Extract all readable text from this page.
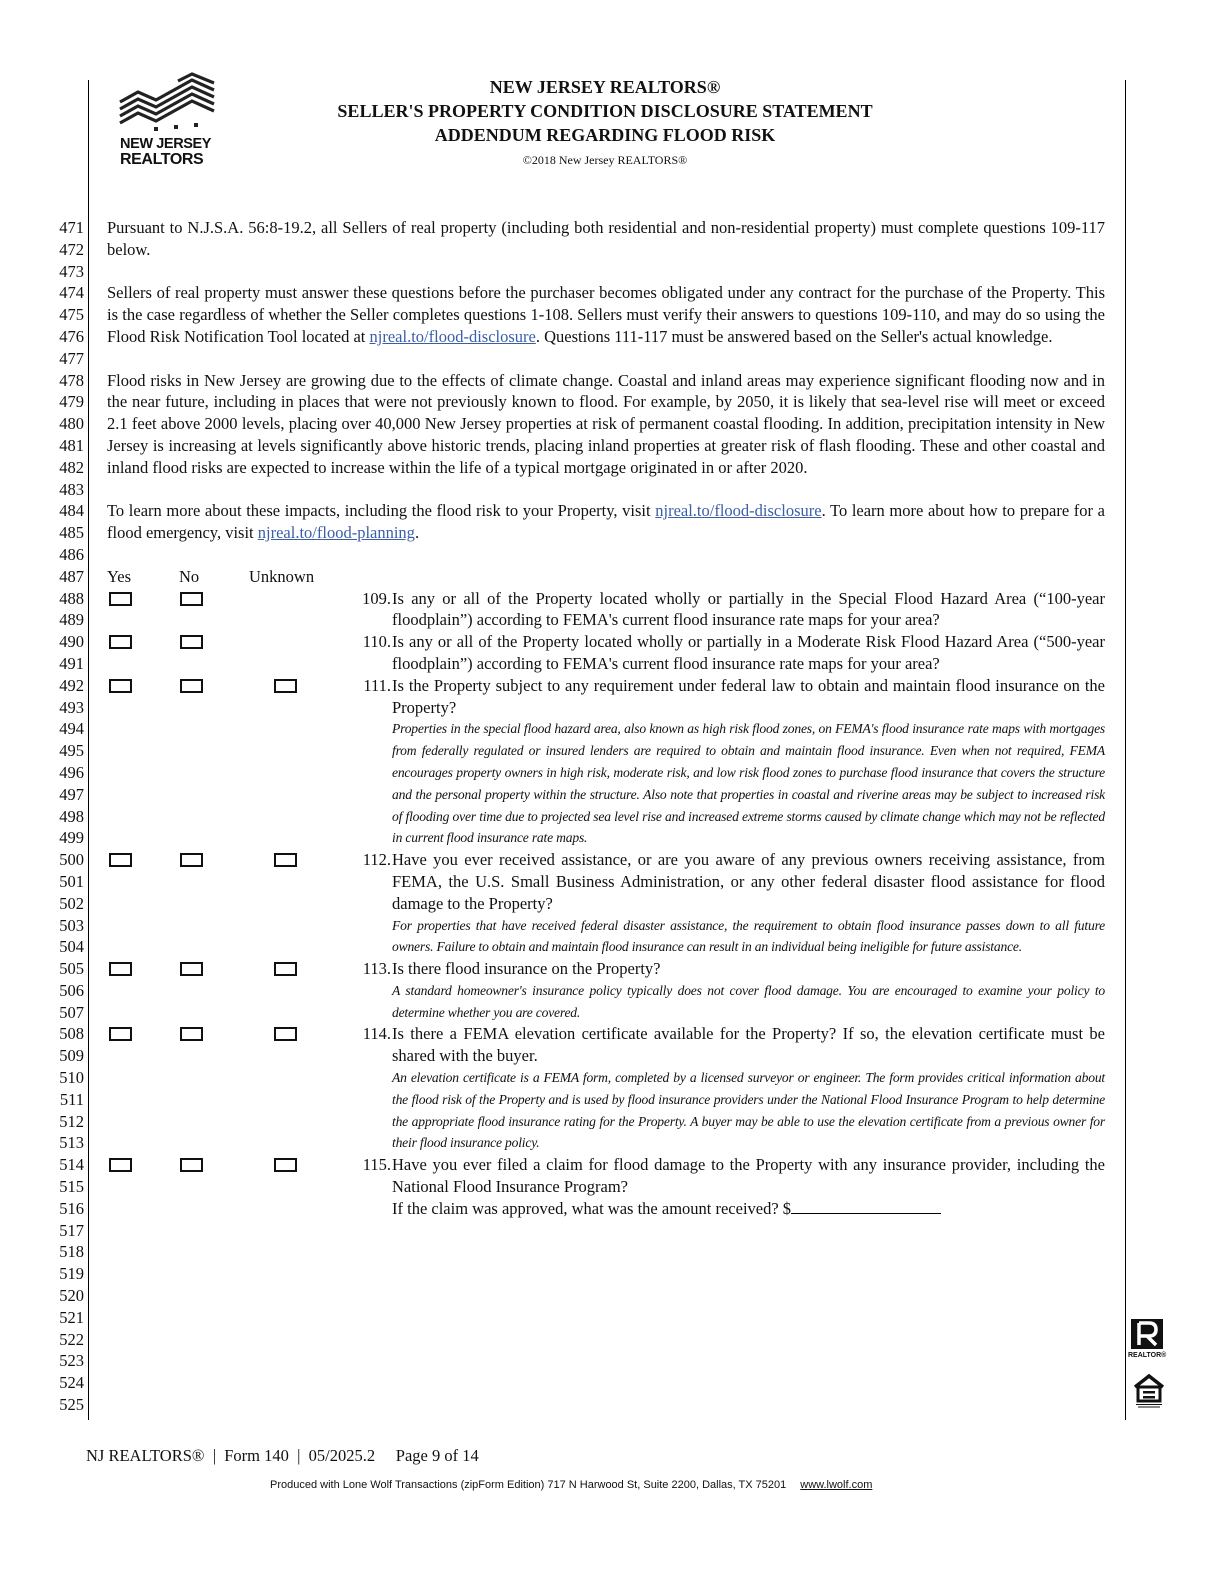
NEW JERSEY
REALTORS
NEW JERSEY REALTORS®
SELLER'S PROPERTY CONDITION DISCLOSURE STATEMENT
ADDENDUM REGARDING FLOOD RISK
©2018 New Jersey REALTORS®
471
472
473
474
475
476
477
478
479
480
481
482
483
484
485
486
487
488
489
490
491
492
493
494
495
496
497
498
499
500
501
502
503
504
505
506
507
508
509
510
511
512
513
514
515
516
517
518
519
520
521
522
523
524
525

Pursuant to N.J.S.A. 56:8-19.2, all Sellers of real property (including both residential and non-residential property) must complete questions 109-117 below.

Sellers of real property must answer these questions before the purchaser becomes obligated under any contract for the purchase of the Property. This is the case regardless of whether the Seller completes questions 1-108. Sellers must verify their answers to questions 109-110, and may do so using the Flood Risk Notification Tool located at njreal.to/flood-disclosure. Questions 111-117 must be answered based on the Seller's actual knowledge.

Flood risks in New Jersey are growing due to the effects of climate change. Coastal and inland areas may experience significant flooding now and in the near future, including in places that were not previously known to flood. For example, by 2050, it is likely that sea-level rise will meet or exceed 2.1 feet above 2000 levels, placing over 40,000 New Jersey properties at risk of permanent coastal flooding. In addition, precipitation intensity in New Jersey is increasing at levels significantly above historic trends, placing inland properties at greater risk of flash flooding. These and other coastal and inland flood risks are expected to increase within the life of a typical mortgage originated in or after 2020.

To learn more about these impacts, including the flood risk to your Property, visit njreal.to/flood-disclosure. To learn more about how to prepare for a flood emergency, visit njreal.to/flood-planning.

Yes	No	Unknown
109. Is any or all of the Property located wholly or partially in the Special Flood Hazard Area (“100-year floodplain”) according to FEMA's current flood insurance rate maps for your area?
110. Is any or all of the Property located wholly or partially in a Moderate Risk Flood Hazard Area (“500-year floodplain”) according to FEMA's current flood insurance rate maps for your area?
111. Is the Property subject to any requirement under federal law to obtain and maintain flood insurance on the Property?
Properties in the special flood hazard area, also known as high risk flood zones, on FEMA's flood insurance rate maps with mortgages from federally regulated or insured lenders are required to obtain and maintain flood insurance. Even when not required, FEMA encourages property owners in high risk, moderate risk, and low risk flood zones to purchase flood insurance that covers the structure and the personal property within the structure. Also note that properties in coastal and riverine areas may be subject to increased risk of flooding over time due to projected sea level rise and increased extreme storms caused by climate change which may not be reflected in current flood insurance rate maps.
112. Have you ever received assistance, or are you aware of any previous owners receiving assistance, from FEMA, the U.S. Small Business Administration, or any other federal disaster flood assistance for flood damage to the Property?
For properties that have received federal disaster assistance, the requirement to obtain flood insurance passes down to all future owners. Failure to obtain and maintain flood insurance can result in an individual being ineligible for future assistance.
113. Is there flood insurance on the Property?
A standard homeowner's insurance policy typically does not cover flood damage. You are encouraged to examine your policy to determine whether you are covered.
114. Is there a FEMA elevation certificate available for the Property? If so, the elevation certificate must be shared with the buyer.
An elevation certificate is a FEMA form, completed by a licensed surveyor or engineer. The form provides critical information about the flood risk of the Property and is used by flood insurance providers under the National Flood Insurance Program to help determine the appropriate flood insurance rating for the Property. A buyer may be able to use the elevation certificate from a previous owner for their flood insurance policy.
115. Have you ever filed a claim for flood damage to the Property with any insurance provider, including the National Flood Insurance Program?
If the claim was approved, what was the amount received? $
REALTOR®
NJ REALTORS®  |  Form 140  |  05/2025.2     Page 9 of 14
Produced with Lone Wolf Transactions (zipForm Edition) 717 N Harwood St, Suite 2200, Dallas, TX 75201 www.lwolf.com
